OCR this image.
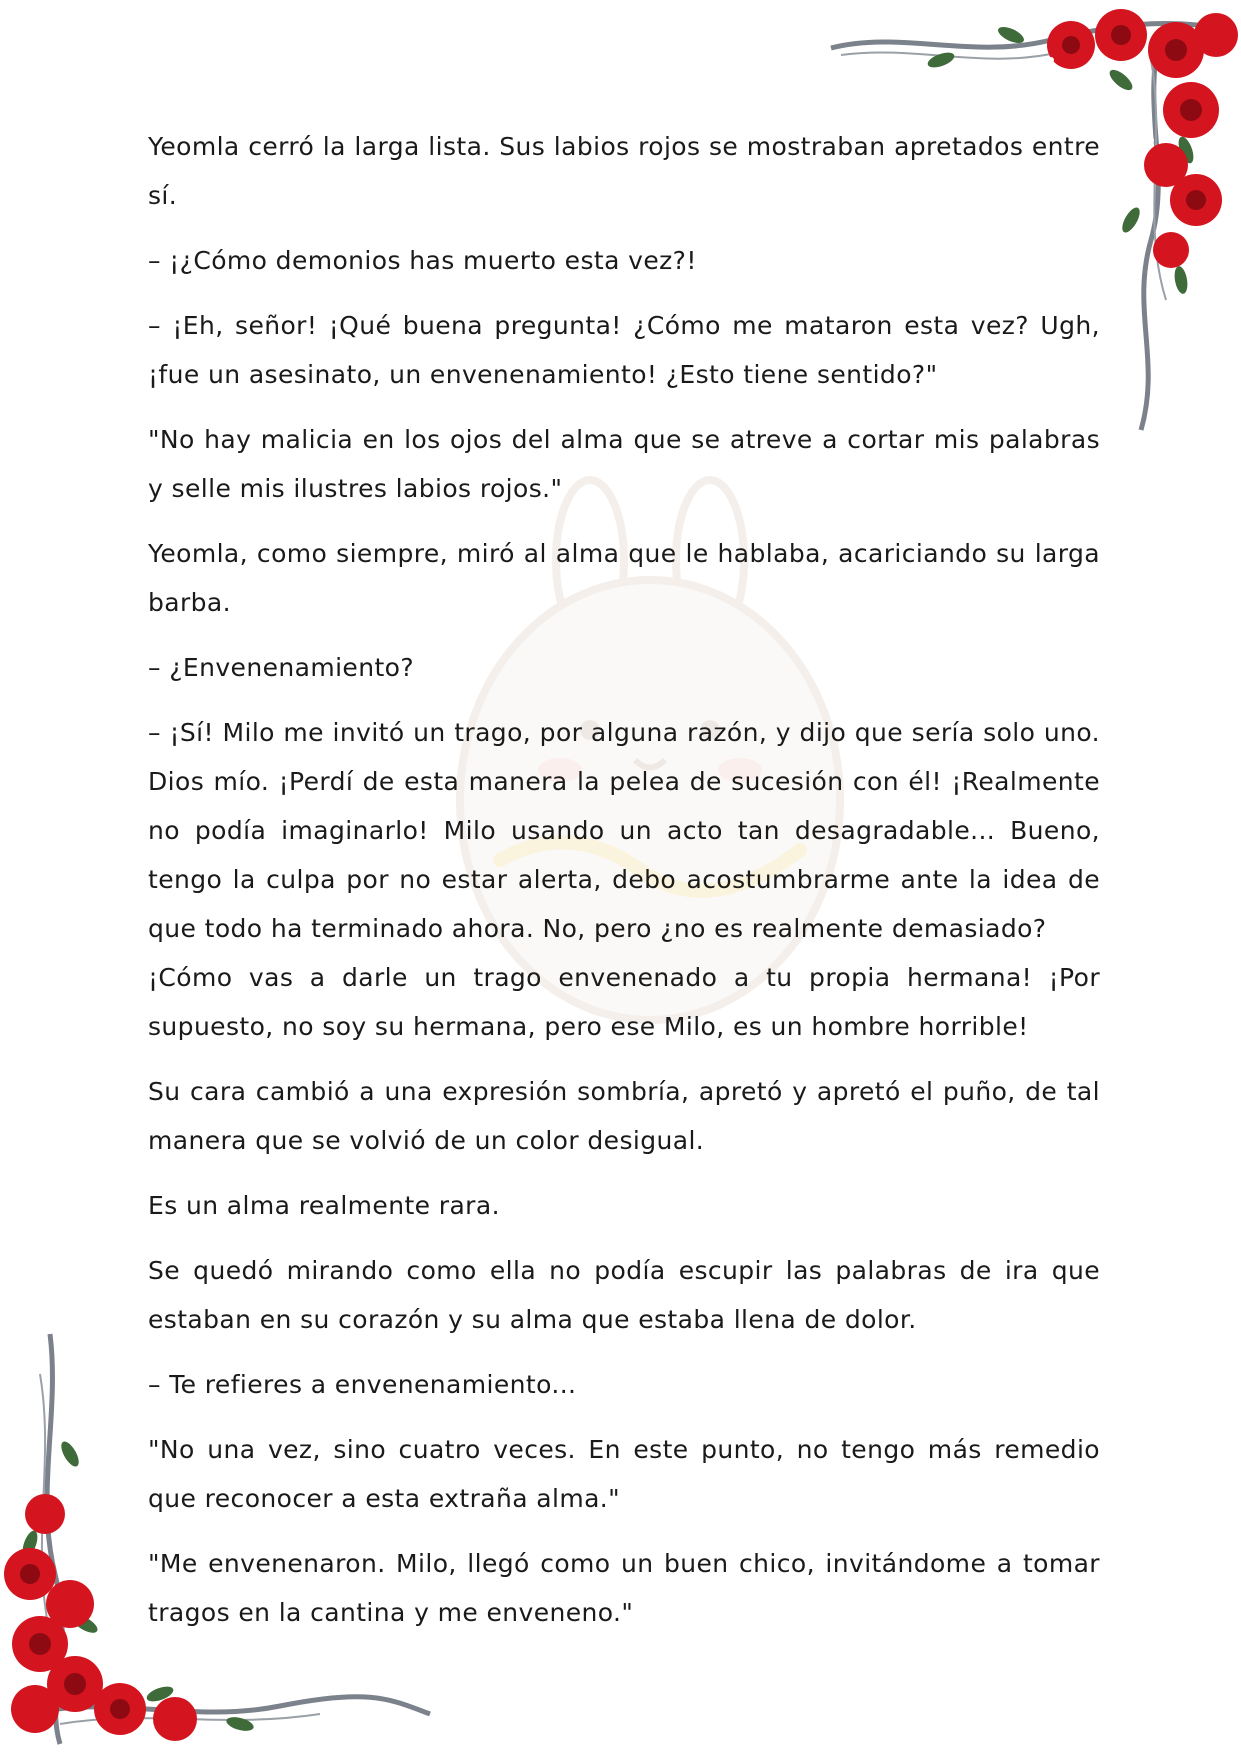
Yeomla cerró la larga lista. Sus labios rojos se mostraban apretados entre sí.

– ¡¿Cómo demonios has muerto esta vez?!

– ¡Eh, señor! ¡Qué buena pregunta! ¿Cómo me mataron esta vez? Ugh, ¡fue un asesinato, un envenenamiento! ¿Esto tiene sentido?"

"No hay malicia en los ojos del alma que se atreve a cortar mis palabras y selle mis ilustres labios rojos."

Yeomla, como siempre, miró al alma que le hablaba, acariciando su larga barba.

– ¿Envenenamiento?

– ¡Sí! Milo me invitó un trago, por alguna razón, y dijo que sería solo uno. Dios mío. ¡Perdí de esta manera la pelea de sucesión con él! ¡Realmente no podía imaginarlo! Milo usando un acto tan desagradable... Bueno, tengo la culpa por no estar alerta, debo acostumbrarme ante la idea de que todo ha terminado ahora. No, pero ¿no es realmente demasiado?

¡Cómo vas a darle un trago envenenado a tu propia hermana! ¡Por supuesto, no soy su hermana, pero ese Milo, es un hombre horrible!

Su cara cambió a una expresión sombría, apretó y apretó el puño, de tal manera que se volvió de un color desigual.

Es un alma realmente rara.

Se quedó mirando como ella no podía escupir las palabras de ira que estaban en su corazón y su alma que estaba llena de dolor.

– Te refieres a envenenamiento...

"No una vez, sino cuatro veces. En este punto, no tengo más remedio que reconocer a esta extraña alma."

"Me envenenaron. Milo, llegó como un buen chico, invitándome a tomar tragos en la cantina y me enveneno."
